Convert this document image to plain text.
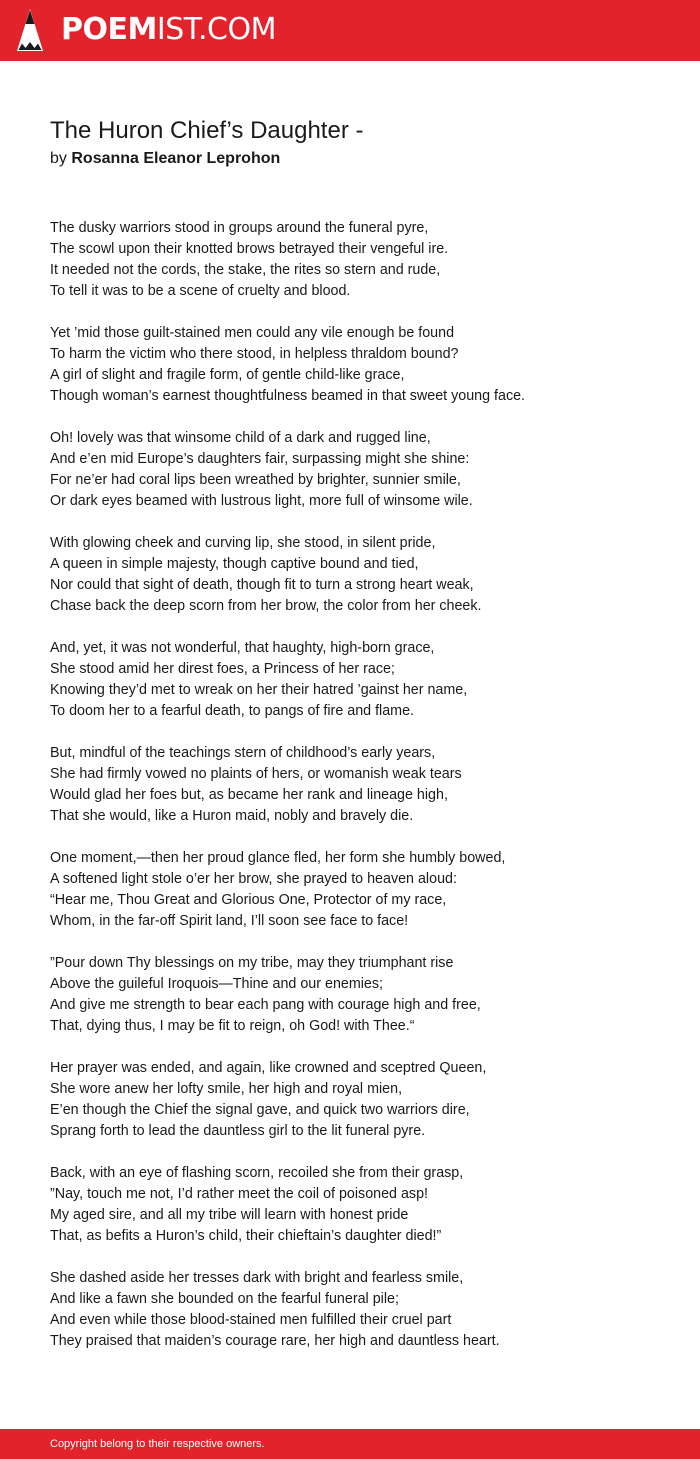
POEMIST.COM
The Huron Chief’s Daughter -
by Rosanna Eleanor Leprohon

The dusky warriors stood in groups around the funeral pyre,
The scowl upon their knotted brows betrayed their vengeful ire.
It needed not the cords, the stake, the rites so stern and rude,
To tell it was to be a scene of cruelty and blood.

Yet ’mid those guilt-stained men could any vile enough be found
To harm the victim who there stood, in helpless thraldom bound?
A girl of slight and fragile form, of gentle child-like grace,
Though woman’s earnest thoughtfulness beamed in that sweet young face.

Oh! lovely was that winsome child of a dark and rugged line,
And e’en mid Europe’s daughters fair, surpassing might she shine:
For ne’er had coral lips been wreathed by brighter, sunnier smile,
Or dark eyes beamed with lustrous light, more full of winsome wile.

With glowing cheek and curving lip, she stood, in silent pride,
A queen in simple majesty, though captive bound and tied,
Nor could that sight of death, though fit to turn a strong heart weak,
Chase back the deep scorn from her brow, the color from her cheek.

And, yet, it was not wonderful, that haughty, high-born grace,
She stood amid her direst foes, a Princess of her race;
Knowing they’d met to wreak on her their hatred ’gainst her name,
To doom her to a fearful death, to pangs of fire and flame.

But, mindful of the teachings stern of childhood’s early years,
She had firmly vowed no plaints of hers, or womanish weak tears
Would glad her foes but, as became her rank and lineage high,
That she would, like a Huron maid, nobly and bravely die.

One moment,—then her proud glance fled, her form she humbly bowed,
A softened light stole o’er her brow, she prayed to heaven aloud:
“Hear me, Thou Great and Glorious One, Protector of my race,
Whom, in the far-off Spirit land, I’ll soon see face to face!

”Pour down Thy blessings on my tribe, may they triumphant rise
Above the guileful Iroquois—Thine and our enemies;
And give me strength to bear each pang with courage high and free,
That, dying thus, I may be fit to reign, oh God! with Thee.“

Her prayer was ended, and again, like crowned and sceptred Queen,
She wore anew her lofty smile, her high and royal mien,
E’en though the Chief the signal gave, and quick two warriors dire,
Sprang forth to lead the dauntless girl to the lit funeral pyre.

Back, with an eye of flashing scorn, recoiled she from their grasp,
”Nay, touch me not, I’d rather meet the coil of poisoned asp!
My aged sire, and all my tribe will learn with honest pride
That, as befits a Huron’s child, their chieftain’s daughter died!”

She dashed aside her tresses dark with bright and fearless smile,
And like a fawn she bounded on the fearful funeral pile;
And even while those blood-stained men fulfilled their cruel part
They praised that maiden’s courage rare, her high and dauntless heart.

Copyright belong to their respective owners.
